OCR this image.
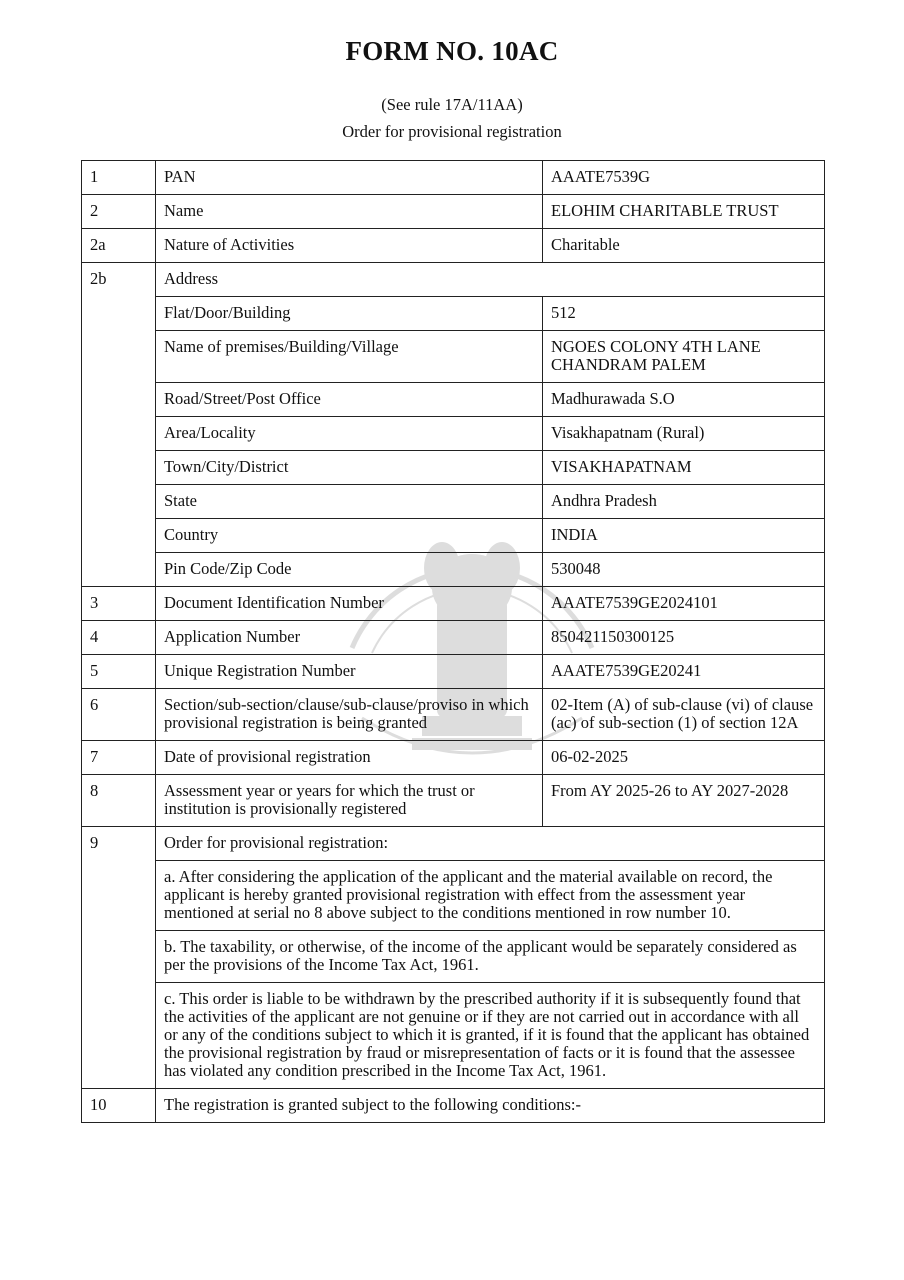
FORM NO. 10AC
(See rule 17A/11AA)
Order for provisional registration
1	PAN	AAATE7539G
2	Name	ELOHIM CHARITABLE TRUST
2a	Nature of Activities	Charitable
2b	Address	
	Flat/Door/Building	512
	Name of premises/Building/Village	NGOES COLONY 4TH LANE CHANDRAM PALEM
	Road/Street/Post Office	Madhurawada S.O
	Area/Locality	Visakhapatnam (Rural)
	Town/City/District	VISAKHAPATNAM
	State	Andhra Pradesh
	Country	INDIA
	Pin Code/Zip Code	530048
3	Document Identification Number	AAATE7539GE2024101
4	Application Number	850421150300125
5	Unique Registration Number	AAATE7539GE20241
6	Section/sub-section/clause/sub-clause/proviso in which provisional registration is being granted	02-Item (A) of sub-clause (vi) of clause (ac) of sub-section (1) of section 12A
7	Date of provisional registration	06-02-2025
8	Assessment year or years for which the trust or institution is provisionally registered	From AY 2025-26 to AY 2027-2028
9	Order for provisional registration:	
	a. After considering the application of the applicant and the material available on record, the applicant is hereby granted provisional registration with effect from the assessment year mentioned at serial no 8 above subject to the conditions mentioned in row number 10.	
	b. The taxability, or otherwise, of the income of the applicant would be separately considered as per the provisions of the Income Tax Act, 1961.	
	c. This order is liable to be withdrawn by the prescribed authority if it is subsequently found that the activities of the applicant are not genuine or if they are not carried out in accordance with all or any of the conditions subject to which it is granted, if it is found that the applicant has obtained the provisional registration by fraud or misrepresentation of facts or it is found that the assessee has violated any condition prescribed in the Income Tax Act, 1961.	
10	The registration is granted subject to the following conditions:-	
